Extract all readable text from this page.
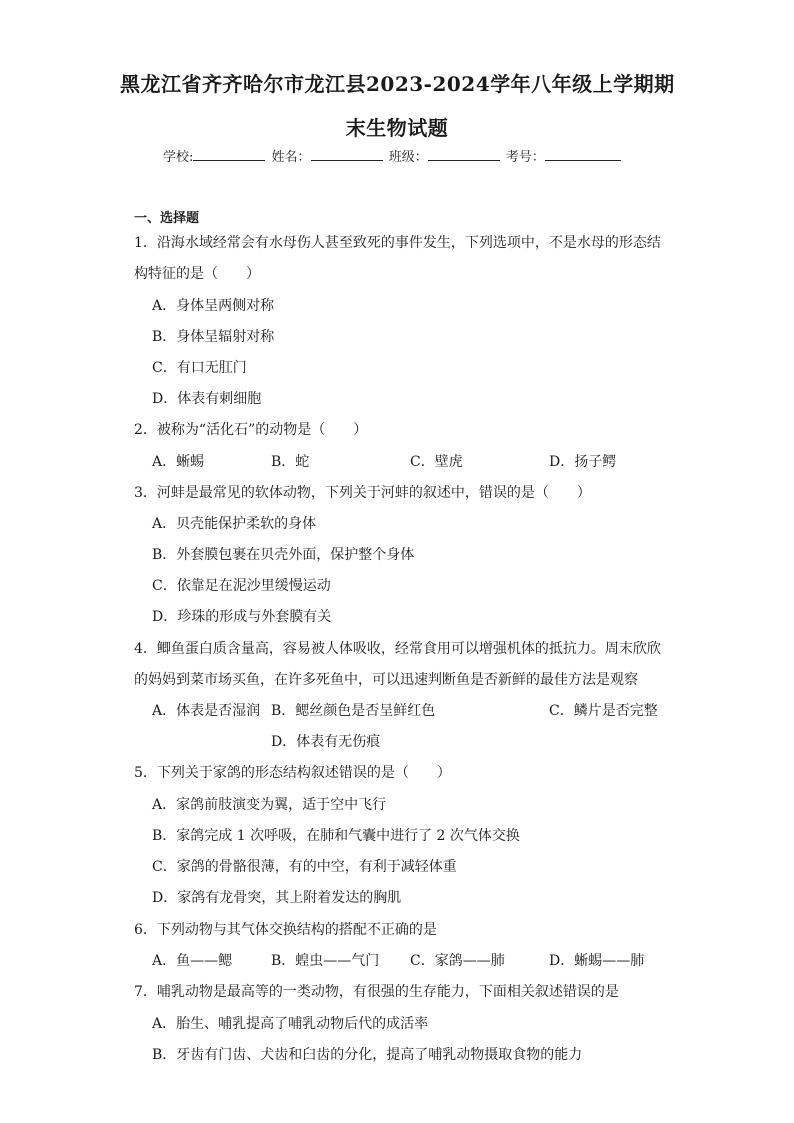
黑龙江省齐齐哈尔市龙江县2023-2024学年八年级上学期期
末生物试题
学校:	姓名：	班级：	考号：
一、选择题
1．沿海水域经常会有水母伤人甚至致死的事件发生，下列选项中，不是水母的形态结
构特征的是（　　）
A．身体呈两侧对称
B．身体呈辐射对称
C．有口无肛门
D．体表有刺细胞
2．被称为“活化石”的动物是（　　）
A．蜥蜴	B．蛇	C．壁虎	D．扬子鳄
3．河蚌是最常见的软体动物，下列关于河蚌的叙述中，错误的是（　　）
A．贝壳能保护柔软的身体
B．外套膜包裹在贝壳外面，保护整个身体
C．依靠足在泥沙里缓慢运动
D．珍珠的形成与外套膜有关
4．鲫鱼蛋白质含量高，容易被人体吸收，经常食用可以增强机体的抵抗力。周末欣欣
的妈妈到菜市场买鱼，在许多死鱼中，可以迅速判断鱼是否新鲜的最佳方法是观察
A．体表是否湿润 B．鳃丝颜色是否呈鲜红色	C．鳞片是否完整
D．体表有无伤痕
5．下列关于家鸽的形态结构叙述错误的是（　　）
A．家鸽前肢演变为翼，适于空中飞行
B．家鸽完成 1 次呼吸，在肺和气囊中进行了 2 次气体交换
C．家鸽的骨骼很薄，有的中空，有利于减轻体重
D．家鸽有龙骨突，其上附着发达的胸肌
6．下列动物与其气体交换结构的搭配不正确的是
A．鱼——鳃	B．蝗虫——气门 C．家鸽——肺	D．蜥蜴——肺
7．哺乳动物是最高等的一类动物，有很强的生存能力，下面相关叙述错误的是
A．胎生、哺乳提高了哺乳动物后代的成活率
B．牙齿有门齿、犬齿和臼齿的分化，提高了哺乳动物摄取食物的能力
